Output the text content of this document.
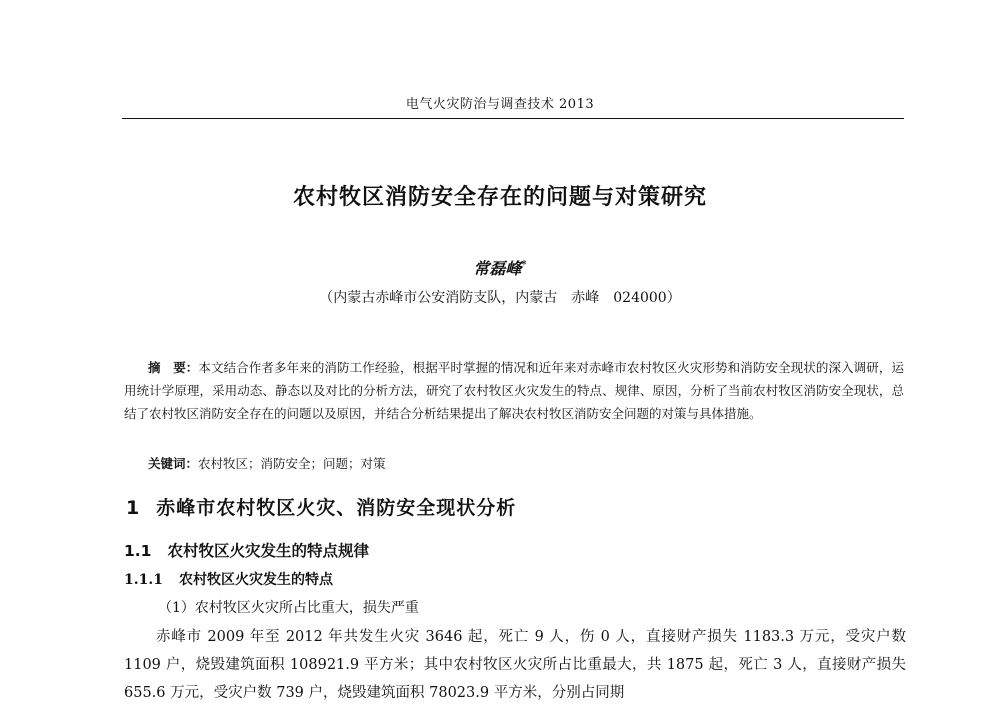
电气火灾防治与调查技术 2013
农村牧区消防安全存在的问题与对策研究
常磊峰*
（内蒙古赤峰市公安消防支队，内蒙古　赤峰　024000）
摘　要：本文结合作者多年来的消防工作经验，根据平时掌握的情况和近年来对赤峰市农村牧区火灾形势和消防安全现状的深入调研，运用统计学原理，采用动态、静态以及对比的分析方法，研究了农村牧区火灾发生的特点、规律、原因，分析了当前农村牧区消防安全现状，总结了农村牧区消防安全存在的问题以及原因，并结合分析结果提出了解决农村牧区消防安全问题的对策与具体措施。
关键词：农村牧区；消防安全；问题；对策
1 赤峰市农村牧区火灾、消防安全现状分析
1.1 农村牧区火灾发生的特点规律
1.1.1 农村牧区火灾发生的特点
（1）农村牧区火灾所占比重大，损失严重
赤峰市 2009 年至 2012 年共发生火灾 3646 起，死亡 9 人，伤 0 人，直接财产损失 1183.3 万元，受灾户数 1109 户，烧毁建筑面积 108921.9 平方米；其中农村牧区火灾所占比重最大，共 1875 起，死亡 3 人，直接财产损失 655.6 万元，受灾户数 739 户，烧毁建筑面积 78023.9 平方米，分别占同期
